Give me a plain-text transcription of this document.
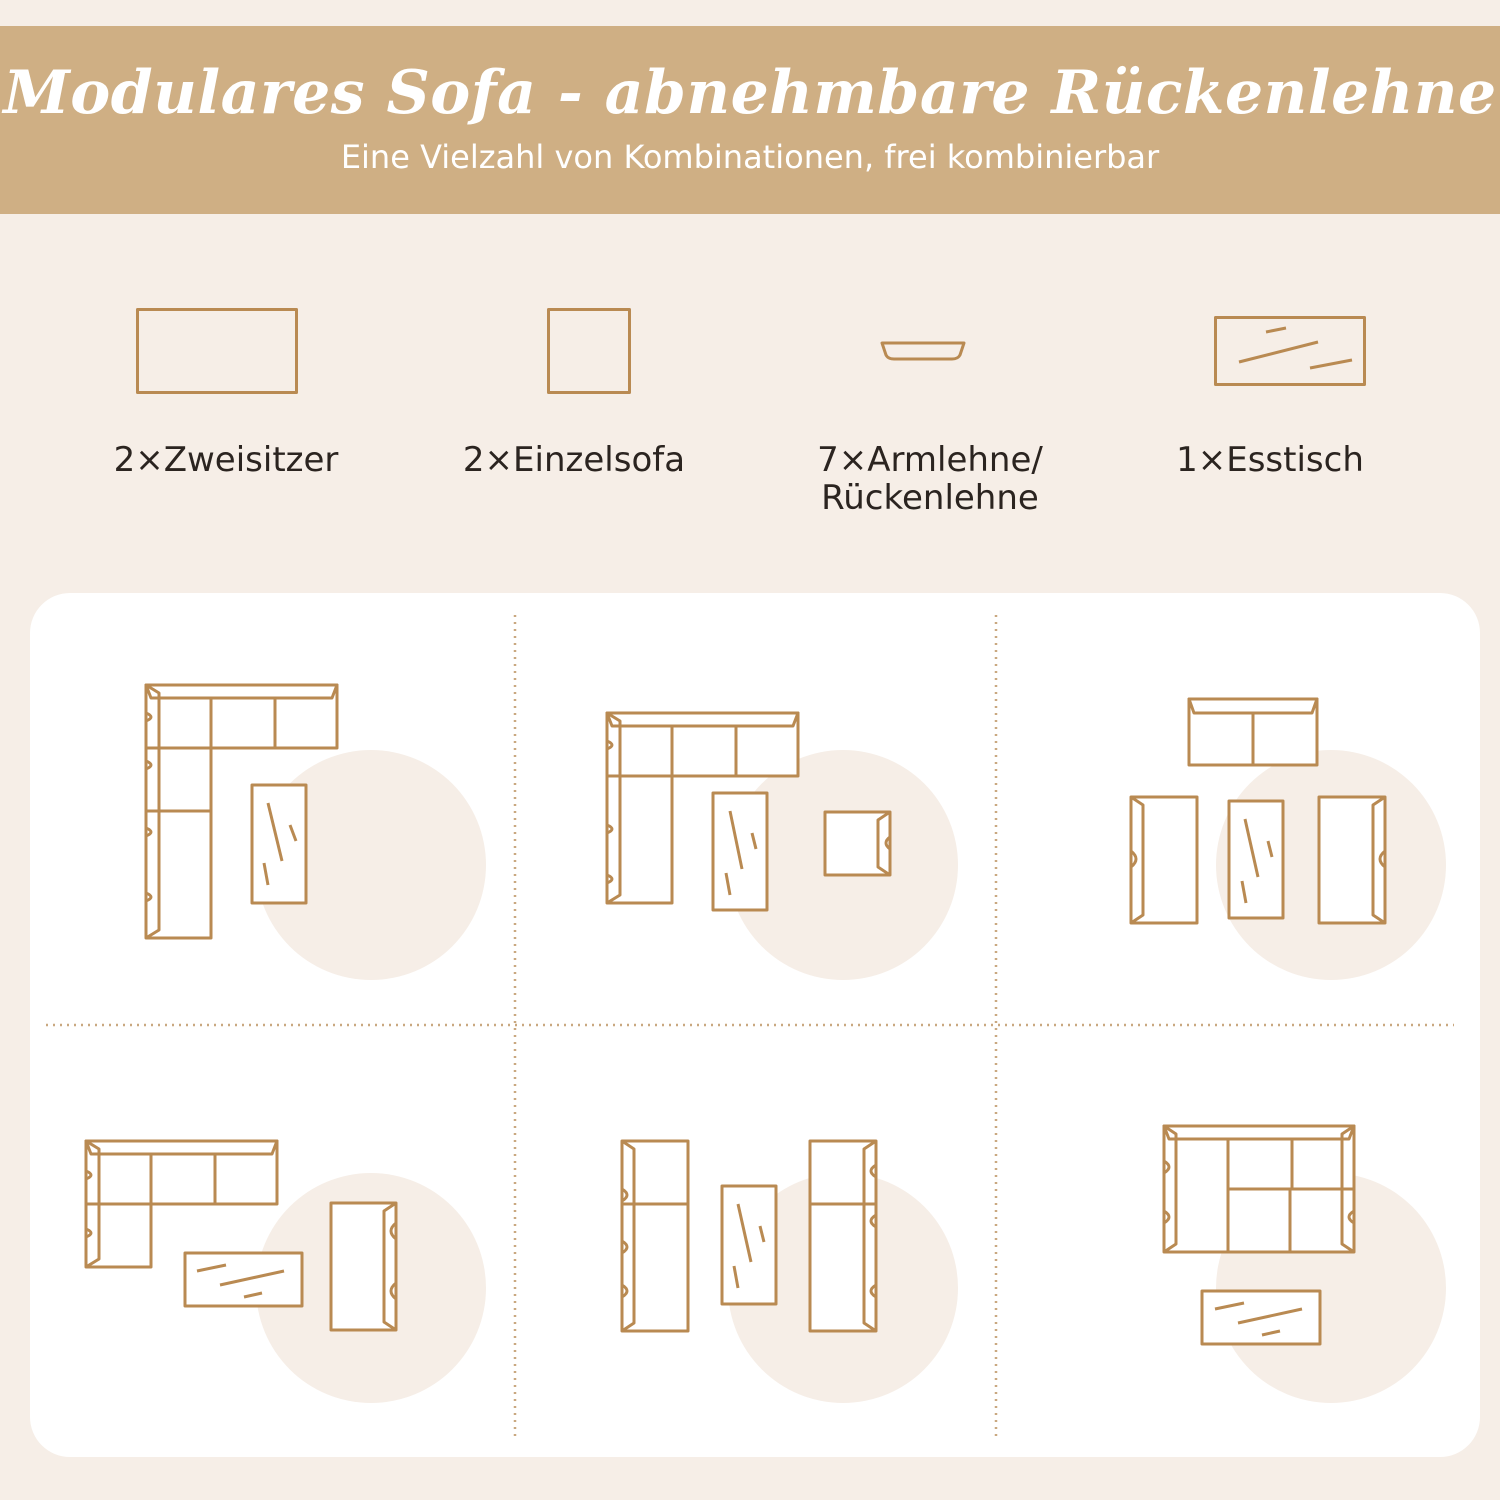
Modulares Sofa - abnehmbare Rückenlehne
Eine Vielzahl von Kombinationen, frei kombinierbar
2×Zweisitzer	2×Einzelsofa	7×Armlehne/
Rückenlehne
1×Esstisch
